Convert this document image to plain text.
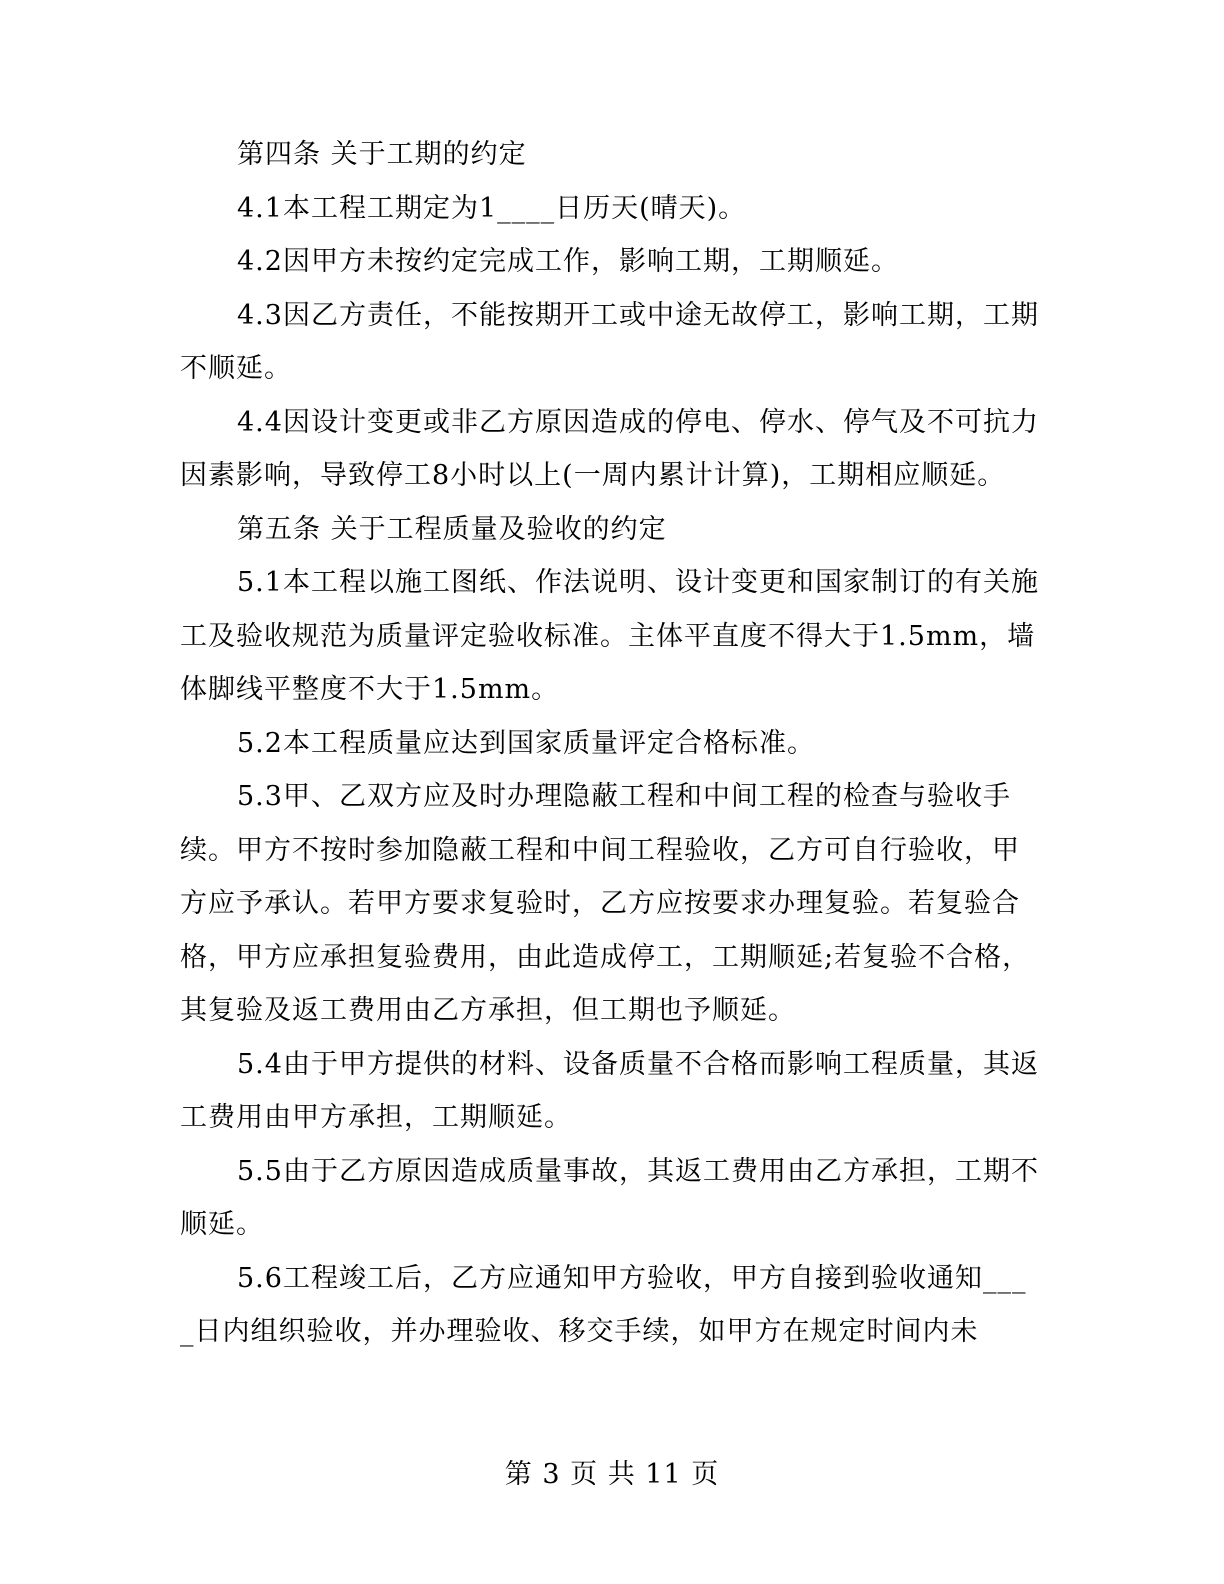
第四条 关于工期的约定

4.1本工程工期定为1____日历天(晴天)。

4.2因甲方未按约定完成工作，影响工期，工期顺延。

4.3因乙方责任，不能按期开工或中途无故停工，影响工期，工期不顺延。

4.4因设计变更或非乙方原因造成的停电、停水、停气及不可抗力因素影响，导致停工8小时以上(一周内累计计算)，工期相应顺延。

第五条 关于工程质量及验收的约定

5.1本工程以施工图纸、作法说明、设计变更和国家制订的有关施工及验收规范为质量评定验收标准。主体平直度不得大于1.5mm，墙体脚线平整度不大于1.5mm。

5.2本工程质量应达到国家质量评定合格标准。

5.3甲、乙双方应及时办理隐蔽工程和中间工程的检查与验收手续。甲方不按时参加隐蔽工程和中间工程验收，乙方可自行验收，甲方应予承认。若甲方要求复验时，乙方应按要求办理复验。若复验合格，甲方应承担复验费用，由此造成停工，工期顺延;若复验不合格，其复验及返工费用由乙方承担，但工期也予顺延。

5.4由于甲方提供的材料、设备质量不合格而影响工程质量，其返工费用由甲方承担，工期顺延。

5.5由于乙方原因造成质量事故，其返工费用由乙方承担，工期不顺延。

5.6工程竣工后，乙方应通知甲方验收，甲方自接到验收通知____日内组织验收，并办理验收、移交手续，如甲方在规定时间内未

第 3 页 共 11 页
